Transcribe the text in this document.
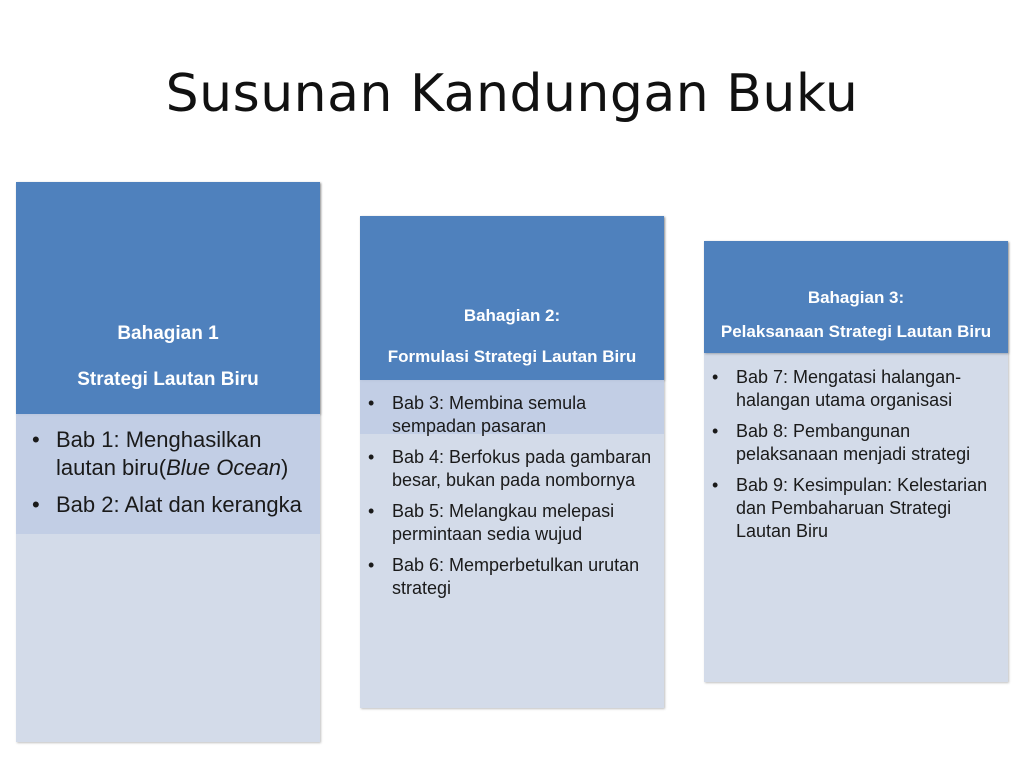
Susunan Kandungan Buku
Bahagian 1
Strategi Lautan Biru
• Bab 1: Menghasilkan lautan biru(Blue Ocean)
• Bab 2: Alat dan kerangka
Bahagian 2:
Formulasi Strategi Lautan Biru
• Bab 3: Membina semula sempadan pasaran
• Bab 4: Berfokus pada gambaran besar, bukan pada nombornya
• Bab 5: Melangkau melepasi permintaan sedia wujud
• Bab 6: Memperbetulkan urutan strategi
Bahagian 3:
Pelaksanaan Strategi Lautan Biru
• Bab 7: Mengatasi halangan-halangan utama organisasi
• Bab 8: Pembangunan pelaksanaan menjadi strategi
• Bab 9: Kesimpulan: Kelestarian dan Pembaharuan Strategi Lautan Biru
